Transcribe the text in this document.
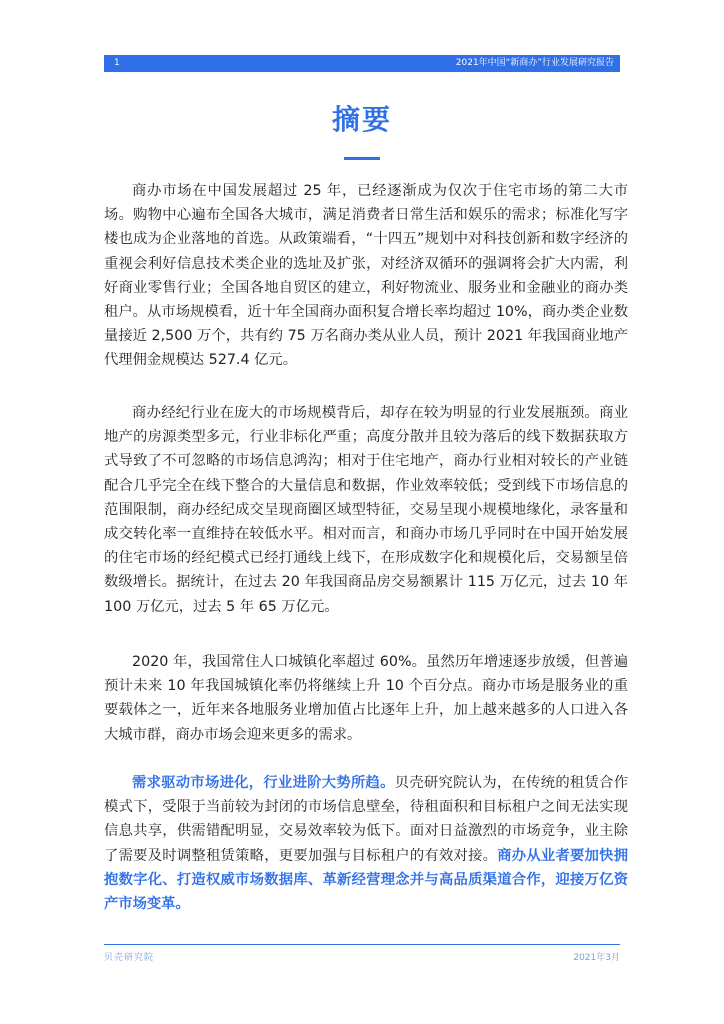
1	2021年中国“新商办”行业发展研究报告
摘要

商办市场在中国发展超过 25 年，已经逐渐成为仅次于住宅市场的第二大市场。购物中心遍布全国各大城市，满足消费者日常生活和娱乐的需求；标准化写字楼也成为企业落地的首选。从政策端看，“十四五”规划中对科技创新和数字经济的重视会利好信息技术类企业的选址及扩张，对经济双循环的强调将会扩大内需，利好商业零售行业；全国各地自贸区的建立，利好物流业、服务业和金融业的商办类租户。从市场规模看，近十年全国商办面积复合增长率均超过 10%，商办类企业数量接近 2,500 万个，共有约 75 万名商办类从业人员，预计 2021 年我国商业地产代理佣金规模达 527.4 亿元。

商办经纪行业在庞大的市场规模背后，却存在较为明显的行业发展瓶颈。商业地产的房源类型多元，行业非标化严重；高度分散并且较为落后的线下数据获取方式导致了不可忽略的市场信息鸿沟；相对于住宅地产，商办行业相对较长的产业链配合几乎完全在线下整合的大量信息和数据，作业效率较低；受到线下市场信息的范围限制，商办经纪成交呈现商圈区域型特征，交易呈现小规模地缘化，录客量和成交转化率一直维持在较低水平。相对而言，和商办市场几乎同时在中国开始发展的住宅市场的经纪模式已经打通线上线下，在形成数字化和规模化后，交易额呈倍数级增长。据统计，在过去 20 年我国商品房交易额累计 115 万亿元，过去 10 年 100 万亿元，过去 5 年 65 万亿元。

2020 年，我国常住人口城镇化率超过 60%。虽然历年增速逐步放缓，但普遍预计未来 10 年我国城镇化率仍将继续上升 10 个百分点。商办市场是服务业的重要载体之一，近年来各地服务业增加值占比逐年上升，加上越来越多的人口进入各大城市群，商办市场会迎来更多的需求。

需求驱动市场进化，行业进阶大势所趋。贝壳研究院认为，在传统的租赁合作模式下，受限于当前较为封闭的市场信息壁垒，待租面积和目标租户之间无法实现信息共享，供需错配明显，交易效率较为低下。面对日益激烈的市场竞争，业主除了需要及时调整租赁策略，更要加强与目标租户的有效对接。商办从业者要加快拥抱数字化、打造权威市场数据库、革新经营理念并与高品质渠道合作，迎接万亿资产市场变革。

贝壳研究院	2021年3月
